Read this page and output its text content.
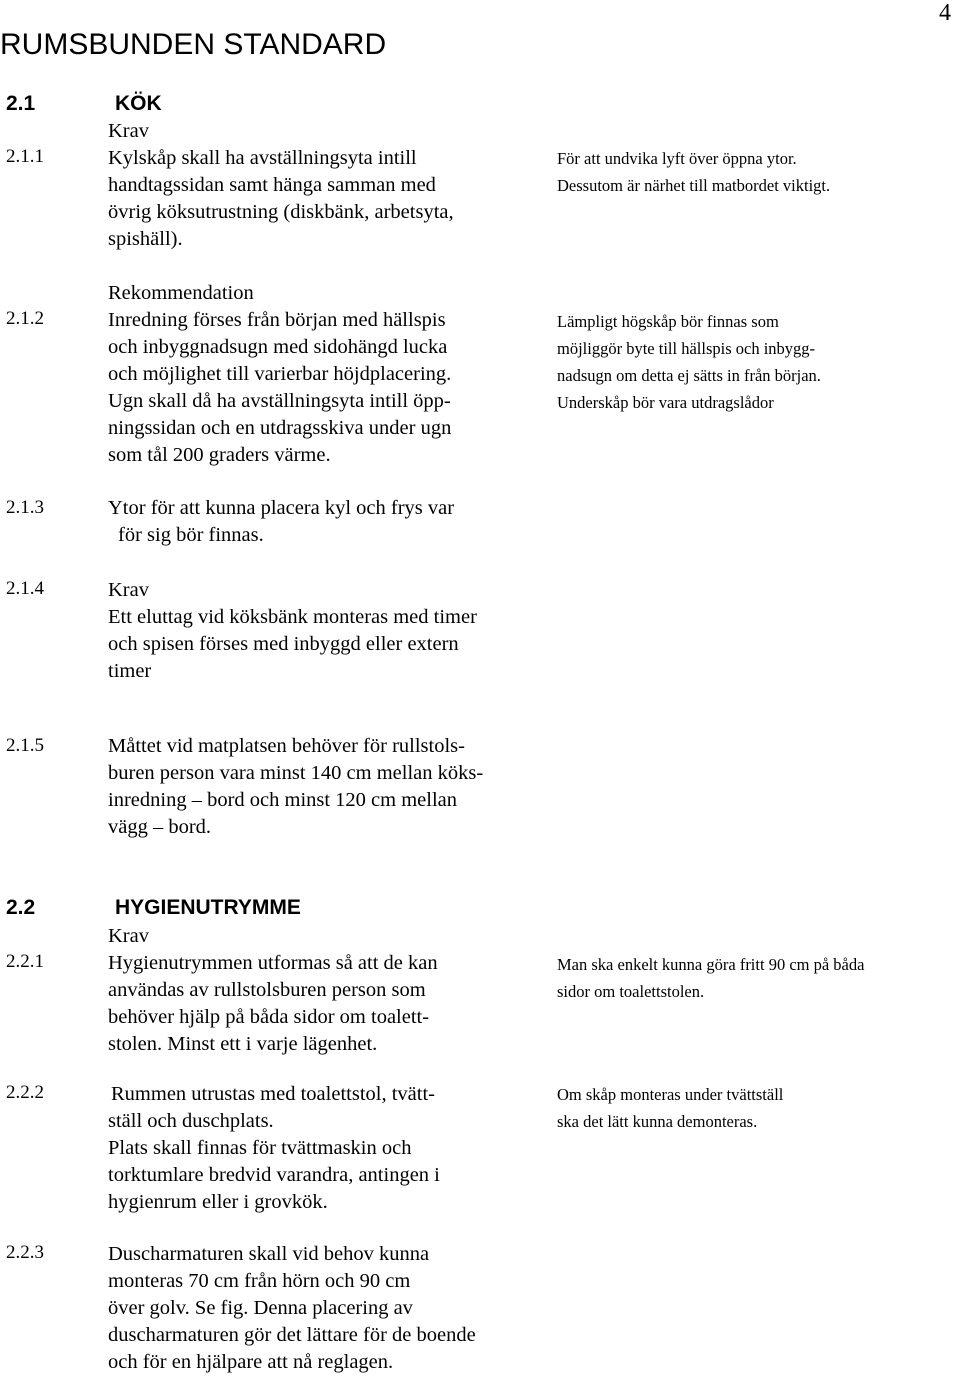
4
RUMSBUNDEN STANDARD
2.1	KÖK
Krav
2.1.1	Kylskåp skall ha avställningsyta intill
handtagssidan samt hänga samman med
övrig köksutrustning (diskbänk, arbetsyta,
spishäll).
För att undvika lyft över öppna ytor.
Dessutom är närhet till matbordet viktigt.
Rekommendation
2.1.2	Inredning förses från början med hällspis
och inbyggnadsugn med sidohängd lucka
och möjlighet till varierbar höjdplacering.
Ugn skall då ha avställningsyta intill öpp-
ningssidan och en utdragsskiva under ugn
som tål 200 graders värme.
Lämpligt högskåp bör finnas som
möjliggör byte till hällspis och inbygg-
nadsugn om detta ej sätts in från början.
Underskåp bör vara utdragslådor
2.1.3	Ytor för att kunna placera kyl och frys var
för sig bör finnas.
2.1.4	Krav
Ett eluttag vid köksbänk monteras med timer
och spisen förses med inbyggd eller extern
timer
2.1.5	Måttet vid matplatsen behöver för rullstols-
buren person vara minst 140 cm mellan köks-
inredning – bord och minst 120 cm mellan
vägg – bord.
2.2	HYGIENUTRYMME
Krav
2.2.1	Hygienutrymmen utformas så att de kan
användas av rullstolsburen person som
behöver hjälp på båda sidor om toalett-
stolen. Minst ett i varje lägenhet.
Man ska enkelt kunna göra fritt 90 cm på båda
sidor om toalettstolen.
2.2.2	Rummen utrustas med toalettstol, tvätt-
ställ och duschplats.
Plats skall finnas för tvättmaskin och
torktumlare bredvid varandra, antingen i
hygienrum eller i grovkök.
Om skåp monteras under tvättställ
ska det lätt kunna demonteras.
2.2.3	Duscharmaturen skall vid behov kunna
monteras 70 cm från hörn och 90 cm
över golv. Se fig. Denna placering av
duscharmaturen gör det lättare för de boende
och för en hjälpare att nå reglagen.
